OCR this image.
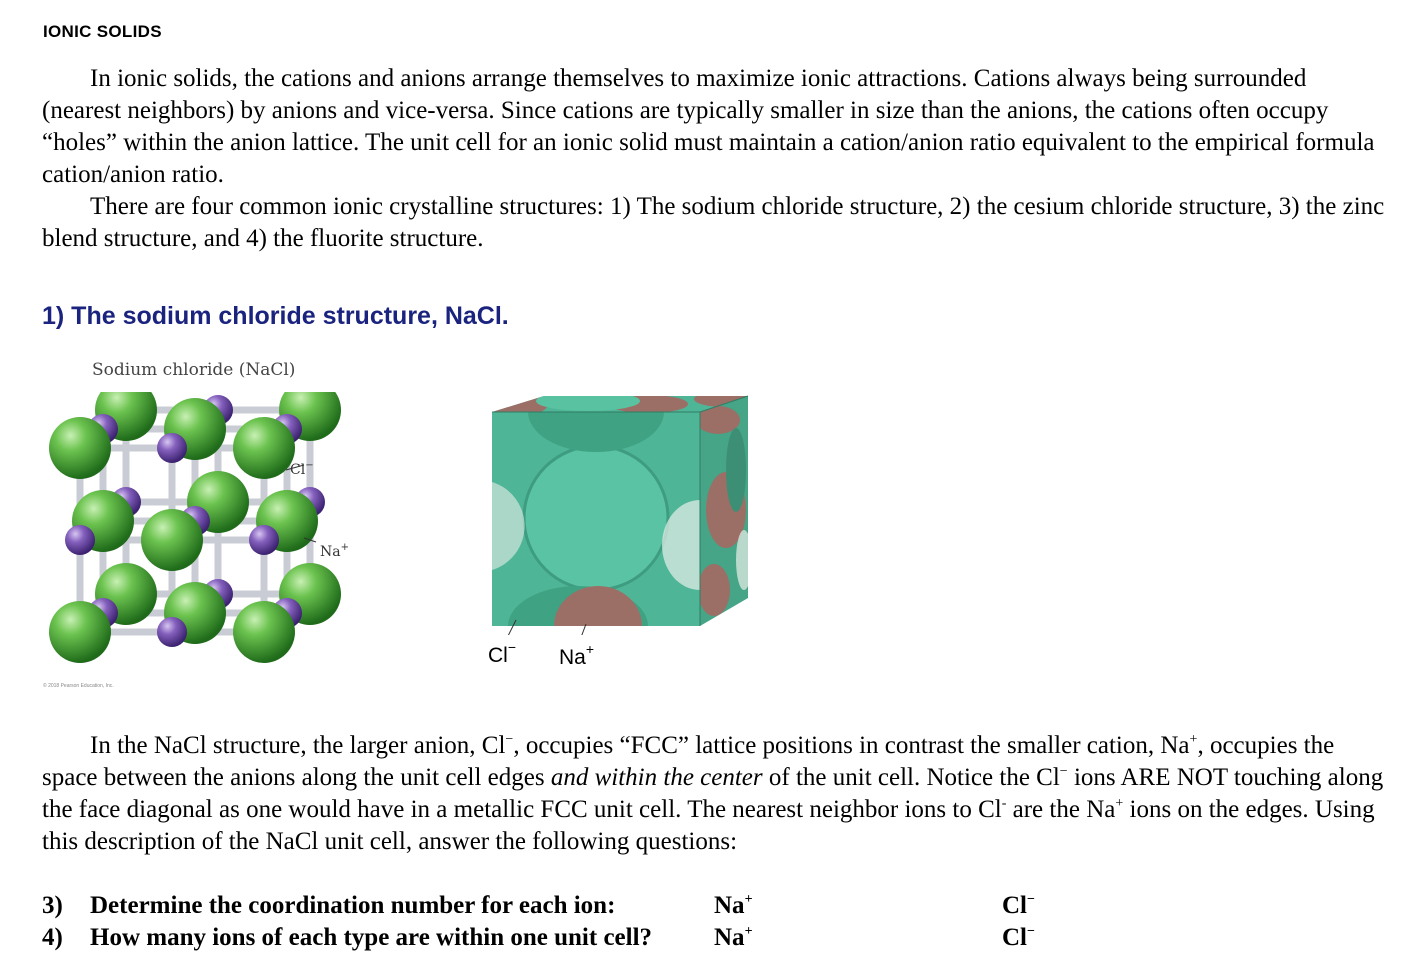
IONIC SOLIDS

In ionic solids, the cations and anions arrange themselves to maximize ionic attractions. Cations always being surrounded (nearest neighbors) by anions and vice-versa. Since cations are typically smaller in size than the anions, the cations often occupy “holes” within the anion lattice. The unit cell for an ionic solid must maintain a cation/anion ratio equivalent to the empirical formula cation/anion ratio.

There are four common ionic crystalline structures: 1) The sodium chloride structure, 2) the cesium chloride structure, 3) the zinc blend structure, and 4) the fluorite structure.

1) The sodium chloride structure, NaCl.
Sodium chloride (NaCl)
Cl−
Na+
© 2018 Pearson Education, Inc.
Cl− Na+

In the NaCl structure, the larger anion, Cl−, occupies “FCC” lattice positions in contrast the smaller cation, Na+, occupies the space between the anions along the unit cell edges and within the center of the unit cell. Notice the Cl− ions ARE NOT touching along the face diagonal as one would have in a metallic FCC unit cell. The nearest neighbor ions to Cl- are the Na+ ions on the edges. Using this description of the NaCl unit cell, answer the following questions:

3) Determine the coordination number for each ion:	Na+	Cl−
4) How many ions of each type are within one unit cell? Na+	Cl−
